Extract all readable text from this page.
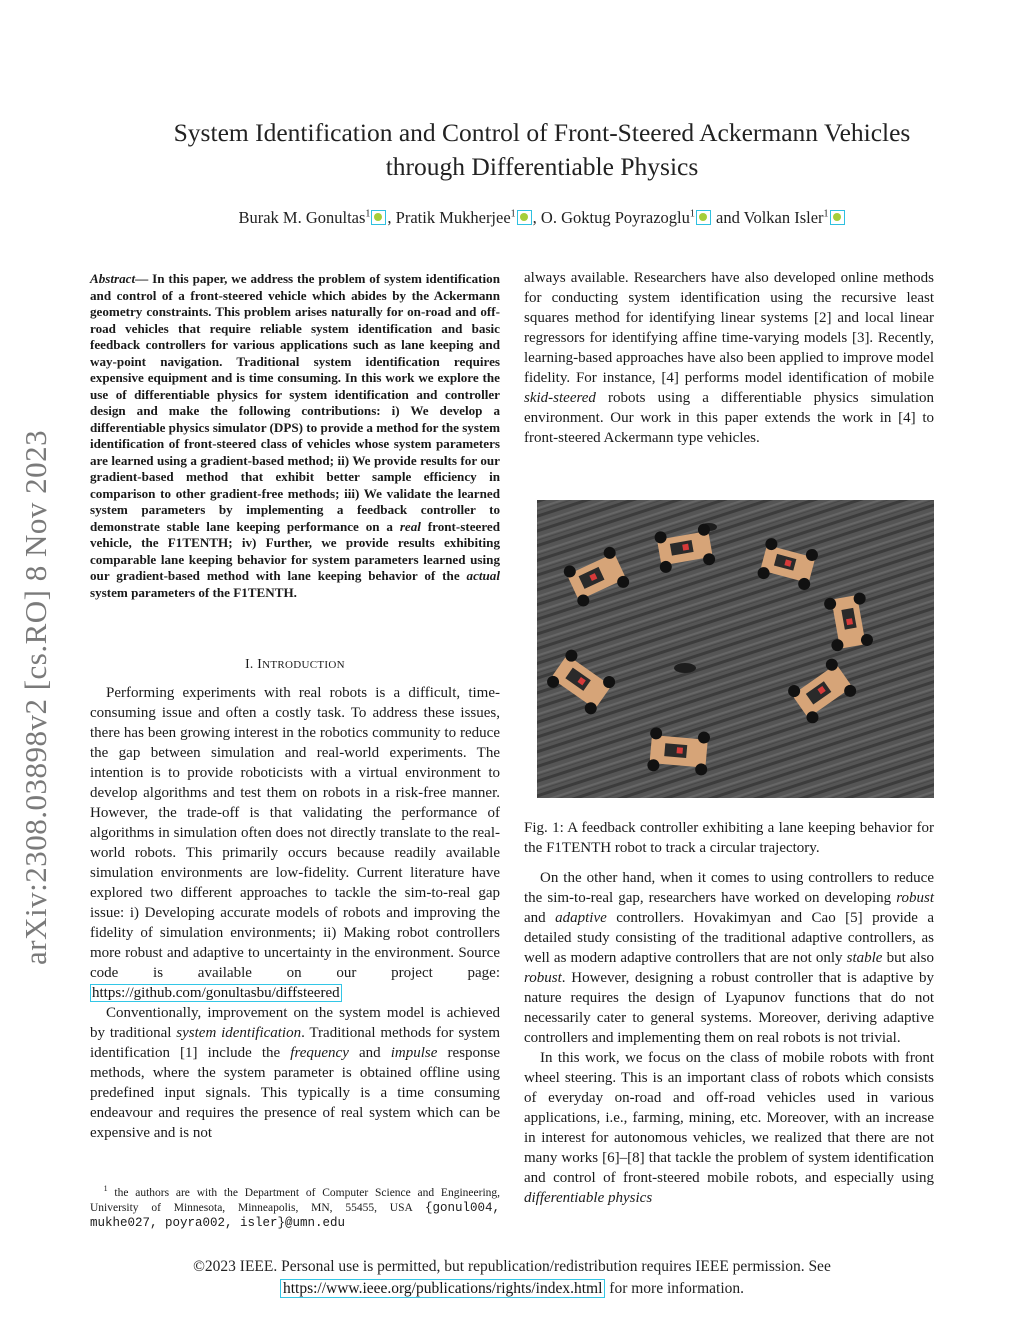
arXiv:2308.03898v2 [cs.RO] 8 Nov 2023
System Identification and Control of Front-Steered Ackermann Vehicles
through Differentiable Physics
Burak M. Gonultas$^1$ , Pratik Mukherjee$^1$ , O. Goktug Poyrazoglu$^1$ and Volkan Isler$^1$
Abstract— In this paper, we address the problem of system identification and control of a front-steered vehicle which abides by the Ackermann geometry constraints. This problem arises naturally for on-road and off-road vehicles that require reliable system identification and basic feedback controllers for various applications such as lane keeping and way-point navigation. Traditional system identification requires expensive equipment and is time consuming. In this work we explore the use of differentiable physics for system identification and controller design and make the following contributions: i) We develop a differentiable physics simulator (DPS) to provide a method for the system identification of front-steered class of vehicles whose system parameters are learned using a gradient-based method; ii) We provide results for our gradient-based method that exhibit better sample efficiency in comparison to other gradient-free methods; iii) We validate the learned system parameters by implementing a feedback controller to demonstrate stable lane keeping performance on a real front-steered vehicle, the F1TENTH; iv) Further, we provide results exhibiting comparable lane keeping behavior for system parameters learned using our gradient-based method with lane keeping behavior of the actual system parameters of the F1TENTH.
I. INTRODUCTION

Performing experiments with real robots is a difficult, time-consuming issue and often a costly task. To address these issues, there has been growing interest in the robotics community to reduce the gap between simulation and real-world experiments. The intention is to provide roboticists with a virtual environment to develop algorithms and test them on robots in a risk-free manner. However, the trade-off is that validating the performance of algorithms in simulation often does not directly translate to the real-world robots. This primarily occurs because readily available simulation environments are low-fidelity. Current literature have explored two different approaches to tackle the sim-to-real gap issue: i) Developing accurate models of robots and improving the fidelity of simulation environments; ii) Making robot controllers more robust and adaptive to uncertainty in the environment. Source code is available on our project page: https://github.com/gonultasbu/diffsteered

Conventionally, improvement on the system model is achieved by traditional system identification. Traditional methods for system identification [1] include the frequency and impulse response methods, where the system parameter is obtained offline using predefined input signals. This typically is a time consuming endeavour and requires the presence of real system which can be expensive and is not

$^1$ the authors are with the Department of Computer Science and Engineering, University of Minnesota, Minneapolis, MN, 55455, USA {gonul004, mukhe027, poyra002, isler}@umn.edu

always available. Researchers have also developed online methods for conducting system identification using the recursive least squares method for identifying linear systems [2] and local linear regressors for identifying affine time-varying models [3]. Recently, learning-based approaches have also been applied to improve model fidelity. For instance, [4] performs model identification of mobile skid-steered robots using a differentiable physics simulation environment. Our work in this paper extends the work in [4] to front-steered Ackermann type vehicles.

Fig. 1: A feedback controller exhibiting a lane keeping behavior for the F1TENTH robot to track a circular trajectory.

On the other hand, when it comes to using controllers to reduce the sim-to-real gap, researchers have worked on developing robust and adaptive controllers. Hovakimyan and Cao [5] provide a detailed study consisting of the traditional adaptive controllers, as well as modern adaptive controllers that are not only stable but also robust. However, designing a robust controller that is adaptive by nature requires the design of Lyapunov functions that do not necessarily cater to general systems. Moreover, deriving adaptive controllers and implementing them on real robots is not trivial.

In this work, we focus on the class of mobile robots with front wheel steering. This is an important class of robots which consists of everyday on-road and off-road vehicles used in various applications, i.e., farming, mining, etc. Moreover, with an increase in interest for autonomous vehicles, we realized that there are not many works [6]–[8] that tackle the problem of system identification and control of front-steered mobile robots, and especially using differentiable physics

©2023 IEEE. Personal use is permitted, but republication/redistribution requires IEEE permission. See
https://www.ieee.org/publications/rights/index.html for more information.
